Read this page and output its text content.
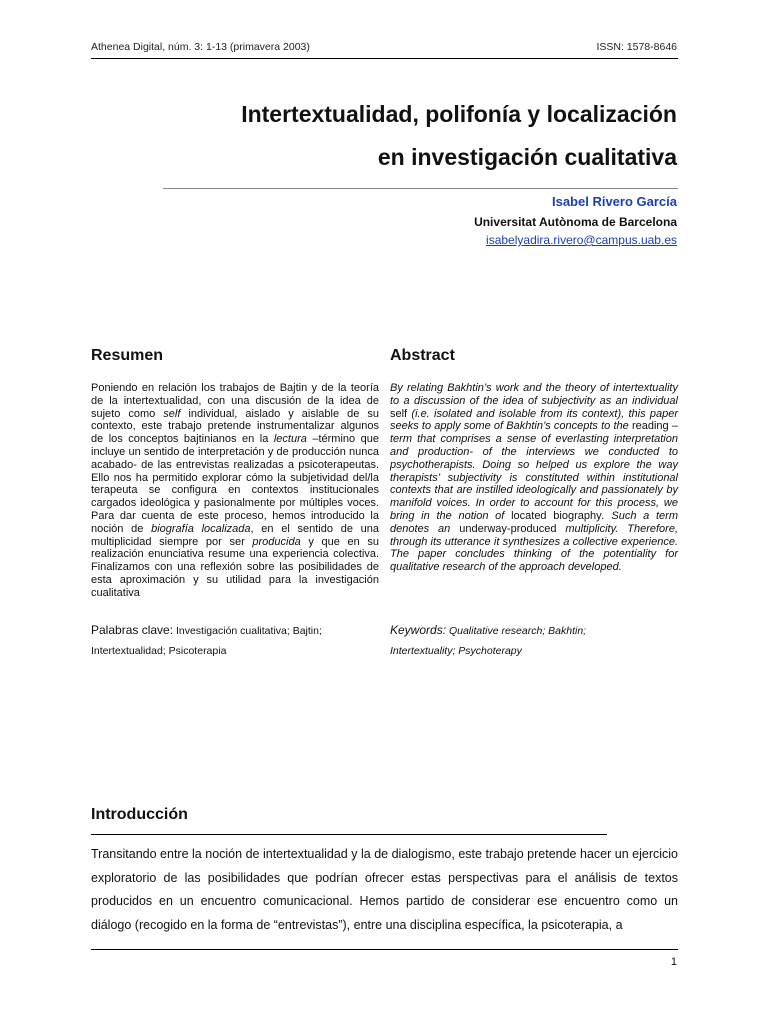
Athenea Digital, núm. 3: 1-13 (primavera 2003)	ISSN: 1578-8646
Intertextualidad, polifonía y localización
en investigación cualitativa
Isabel Rivero García
Universitat Autònoma de Barcelona
isabelyadira.rivero@campus.uab.es
Resumen	Abstract

Poniendo en relación los trabajos de Bajtin y de la teoría de la intertextualidad, con una discusión de la idea de sujeto como self individual, aislado y aislable de su contexto, este trabajo pretende instrumentalizar algunos de los conceptos bajtinianos en la lectura –término que incluye un sentido de interpretación y de producción nunca acabado- de las entrevistas realizadas a psicoterapeutas. Ello nos ha permitido explorar cómo la subjetividad del/la terapeuta se configura en contextos institucionales cargados ideológica y pasionalmente por múltiples voces. Para dar cuenta de este proceso, hemos introducido la noción de biografía localizada, en el sentido de una multiplicidad siempre por ser producida y que en su realización enunciativa resume una experiencia colectiva. Finalizamos con una reflexión sobre las posibilidades de esta aproximación y su utilidad para la investigación cualitativa

By relating Bakhtin’s work and the theory of intertextuality to a discussion of the idea of subjectivity as an individual self (i.e. isolated and isolable from its context), this paper seeks to apply some of Bakhtin’s concepts to the reading –term that comprises a sense of everlasting interpretation and production- of the interviews we conducted to psychotherapists. Doing so helped us explore the way therapists’ subjectivity is constituted within institutional contexts that are instilled ideologically and passionately by manifold voices. In order to account for this process, we bring in the notion of located biography. Such a term denotes an underway-produced multiplicity. Therefore, through its utterance it synthesizes a collective experience. The paper concludes thinking of the potentiality for qualitative research of the approach developed.

Palabras clave: Investigación cualitativa; Bajtin;
Intertextualidad; Psicoterapia
Keywords: Qualitative research; Bakhtin;
Intertextuality; Psychoterapy
Introducción
Transitando entre la noción de intertextualidad y la de dialogismo, este trabajo pretende hacer un ejercicio exploratorio de las posibilidades que podrían ofrecer estas perspectivas para el análisis de textos producidos en un encuentro comunicacional. Hemos partido de considerar ese encuentro como un diálogo (recogido en la forma de “entrevistas”), entre una disciplina específica, la psicoterapia, a
1
